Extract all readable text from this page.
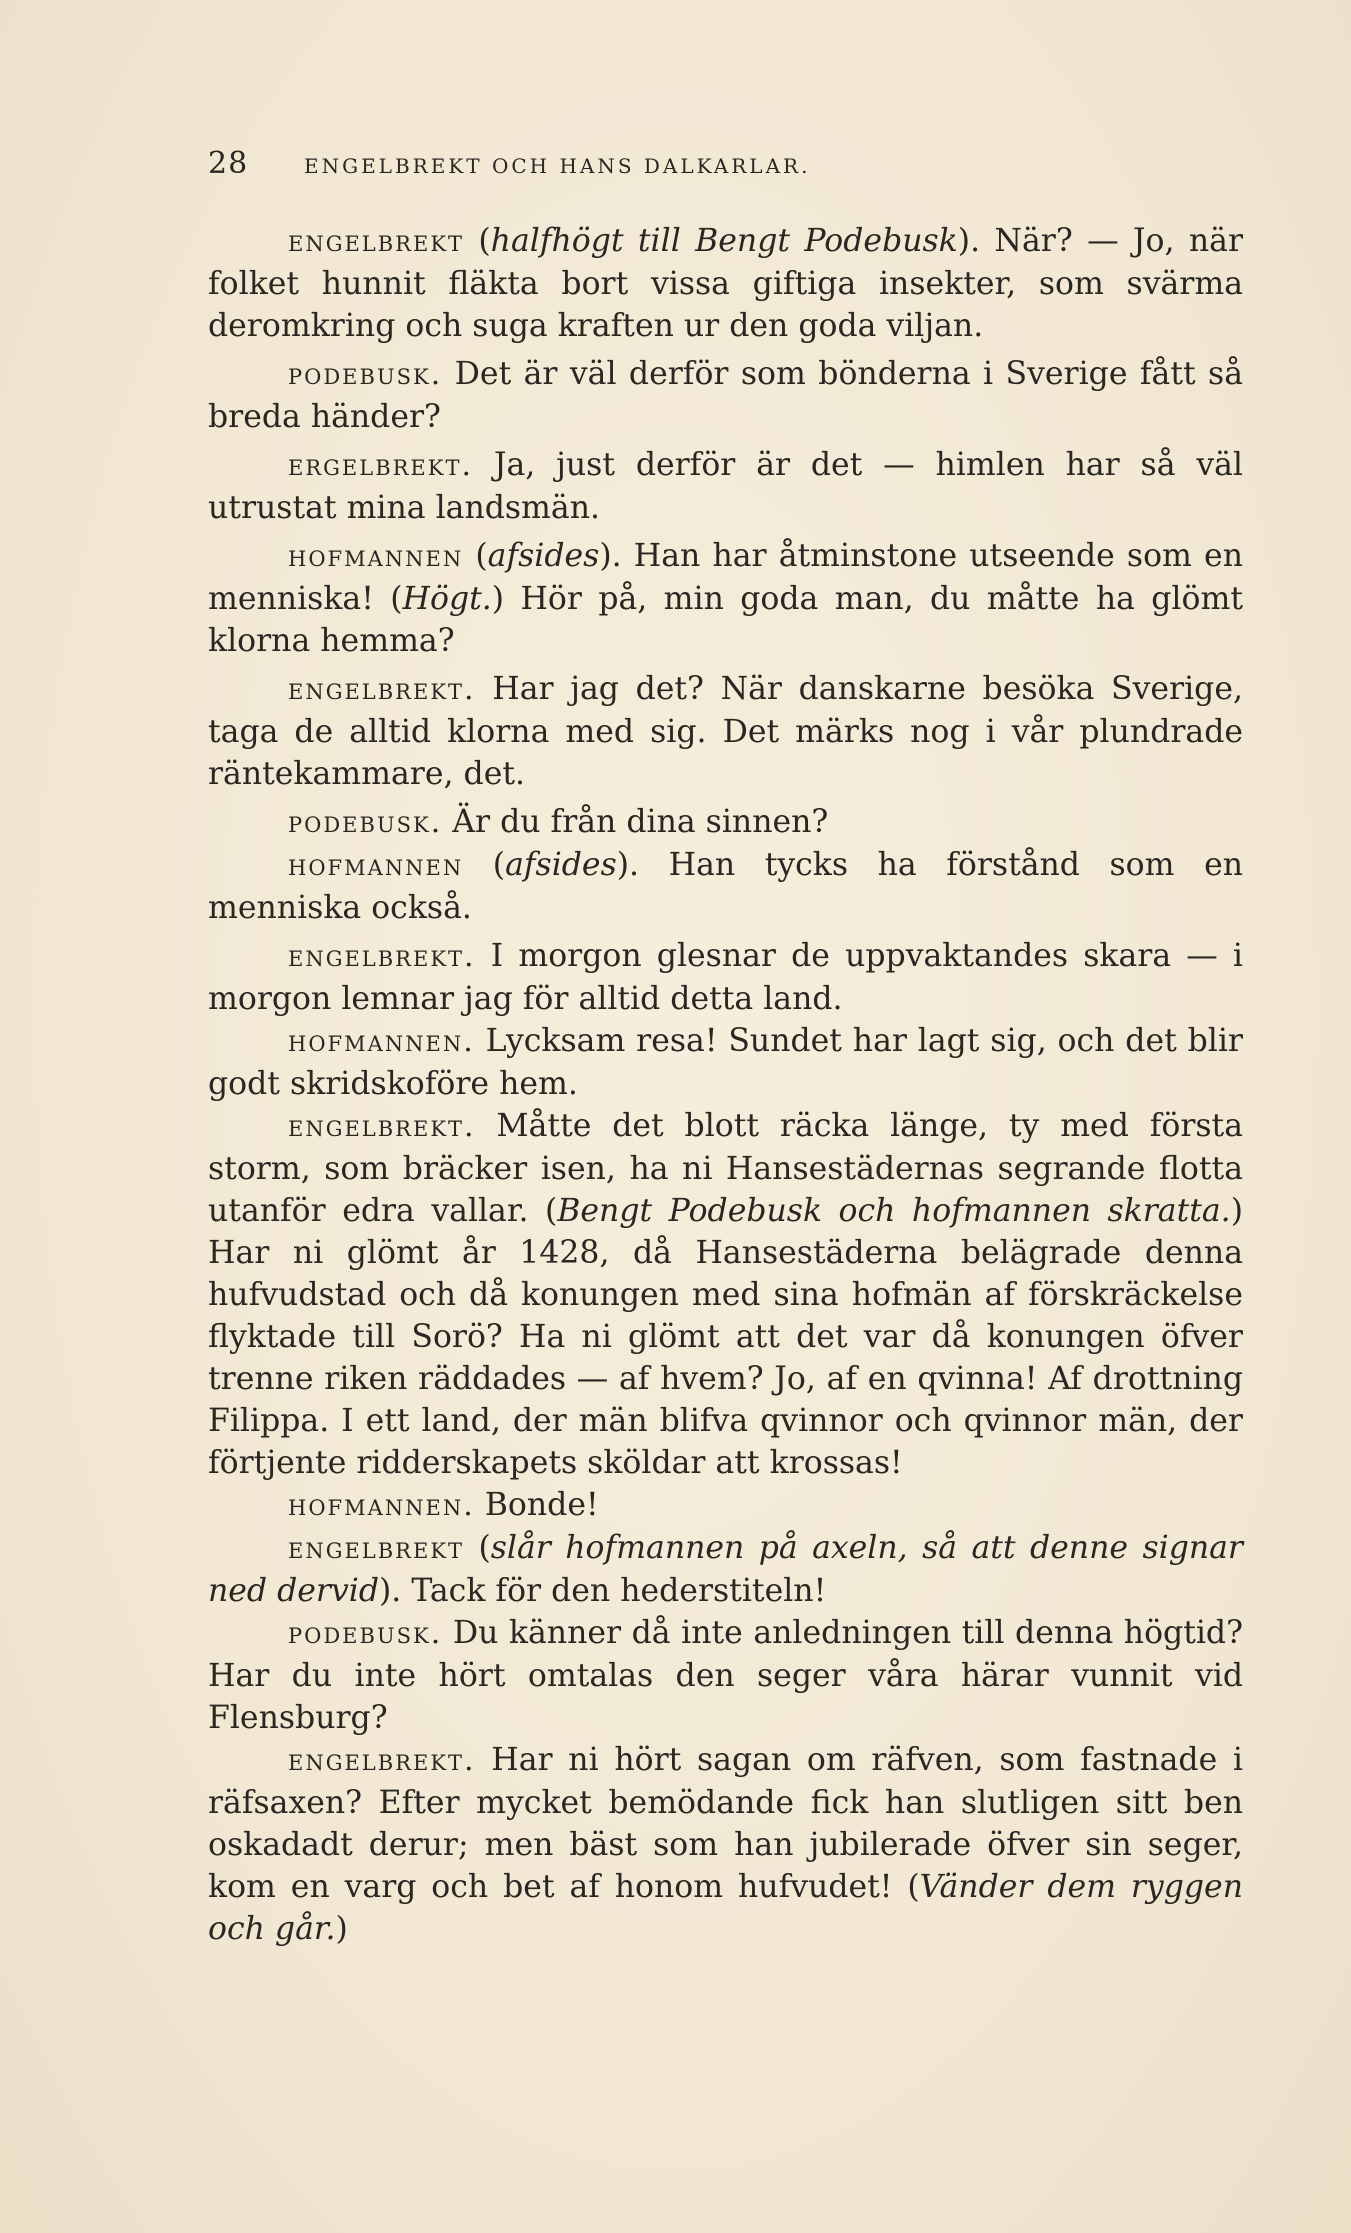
28	ENGELBREKT OCH HANS DALKARLAR.

engelbrekt (halfhögt till Bengt Podebusk). När? — Jo, när folket hunnit fläkta bort vissa giftiga insekter, som svärma deromkring och suga kraften ur den goda viljan.

podebusk. Det är väl derför som bönderna i Sverige fått så breda händer?

ergelbrekt. Ja, just derför är det — himlen har så väl utrustat mina landsmän.

hofmannen (afsides). Han har åtminstone utseende som en menniska! (Högt.) Hör på, min goda man, du måtte ha glömt klorna hemma?

engelbrekt. Har jag det? När danskarne besöka Sverige, taga de alltid klorna med sig. Det märks nog i vår plundrade räntekammare, det.

podebusk. Är du från dina sinnen?

hofmannen (afsides). Han tycks ha förstånd som en menniska också.

engelbrekt. I morgon glesnar de uppvaktandes skara — i morgon lemnar jag för alltid detta land.

hofmannen. Lycksam resa! Sundet har lagt sig, och det blir godt skridskoföre hem.

engelbrekt. Måtte det blott räcka länge, ty med första storm, som bräcker isen, ha ni Hansestädernas segrande flotta utanför edra vallar. (Bengt Podebusk och hofmannen skratta.) Har ni glömt år 1428, då Hansestäderna belägrade denna hufvudstad och då konungen med sina hofmän af förskräckelse flyktade till Sorö? Ha ni glömt att det var då konungen öfver trenne riken räddades — af hvem? Jo, af en qvinna! Af drottning Filippa. I ett land, der män blifva qvinnor och qvinnor män, der förtjente ridderskapets sköldar att krossas!

hofmannen. Bonde!

engelbrekt (slår hofmannen på axeln, så att denne signar ned dervid). Tack för den hederstiteln!

podebusk. Du känner då inte anledningen till denna högtid? Har du inte hört omtalas den seger våra härar vunnit vid Flensburg?

engelbrekt. Har ni hört sagan om räfven, som fastnade i räfsaxen? Efter mycket bemödande fick han slutligen sitt ben oskadadt derur; men bäst som han jubilerade öfver sin seger, kom en varg och bet af honom hufvudet! (Vänder dem ryggen och går.)
